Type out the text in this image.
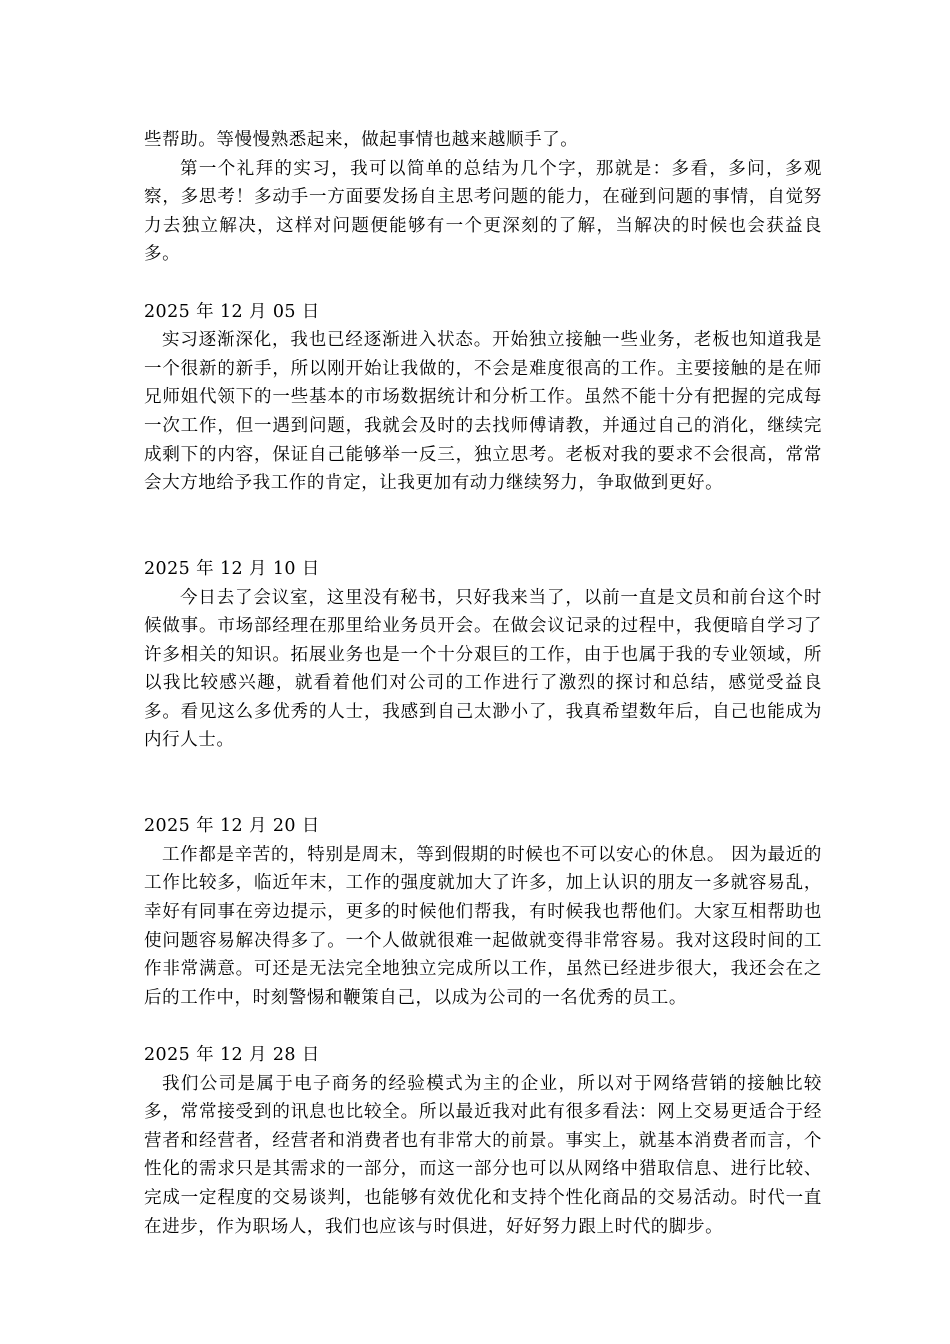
些帮助。等慢慢熟悉起来，做起事情也越来越顺手了。

第一个礼拜的实习，我可以简单的总结为几个字，那就是：多看，多问，多观察，多思考！多动手一方面要发扬自主思考问题的能力，在碰到问题的事情，自觉努力去独立解决，这样对问题便能够有一个更深刻的了解，当解决的时候也会获益良多。

2025 年 12 月 05 日

实习逐渐深化，我也已经逐渐进入状态。开始独立接触一些业务，老板也知道我是一个很新的新手，所以刚开始让我做的，不会是难度很高的工作。主要接触的是在师兄师姐代领下的一些基本的市场数据统计和分析工作。虽然不能十分有把握的完成每一次工作，但一遇到问题，我就会及时的去找师傅请教，并通过自己的消化，继续完成剩下的内容，保证自己能够举一反三，独立思考。老板对我的要求不会很高，常常会大方地给予我工作的肯定，让我更加有动力继续努力，争取做到更好。

2025 年 12 月 10 日

今日去了会议室，这里没有秘书，只好我来当了，以前一直是文员和前台这个时候做事。市场部经理在那里给业务员开会。在做会议记录的过程中，我便暗自学习了许多相关的知识。拓展业务也是一个十分艰巨的工作，由于也属于我的专业领域，所以我比较感兴趣，就看着他们对公司的工作进行了激烈的探讨和总结，感觉受益良多。看见这么多优秀的人士，我感到自己太渺小了，我真希望数年后，自己也能成为内行人士。

2025 年 12 月 20 日

工作都是辛苦的，特别是周末，等到假期的时候也不可以安心的休息。 因为最近的工作比较多，临近年末，工作的强度就加大了许多，加上认识的朋友一多就容易乱，幸好有同事在旁边提示，更多的时候他们帮我，有时候我也帮他们。大家互相帮助也使问题容易解决得多了。一个人做就很难一起做就变得非常容易。我对这段时间的工作非常满意。可还是无法完全地独立完成所以工作，虽然已经进步很大，我还会在之后的工作中，时刻警惕和鞭策自己，以成为公司的一名优秀的员工。

2025 年 12 月 28 日

我们公司是属于电子商务的经验模式为主的企业，所以对于网络营销的接触比较多，常常接受到的讯息也比较全。所以最近我对此有很多看法：网上交易更适合于经营者和经营者，经营者和消费者也有非常大的前景。事实上，就基本消费者而言，个性化的需求只是其需求的一部分，而这一部分也可以从网络中猎取信息、进行比较、完成一定程度的交易谈判，也能够有效优化和支持个性化商品的交易活动。时代一直在进步，作为职场人，我们也应该与时俱进，好好努力跟上时代的脚步。
